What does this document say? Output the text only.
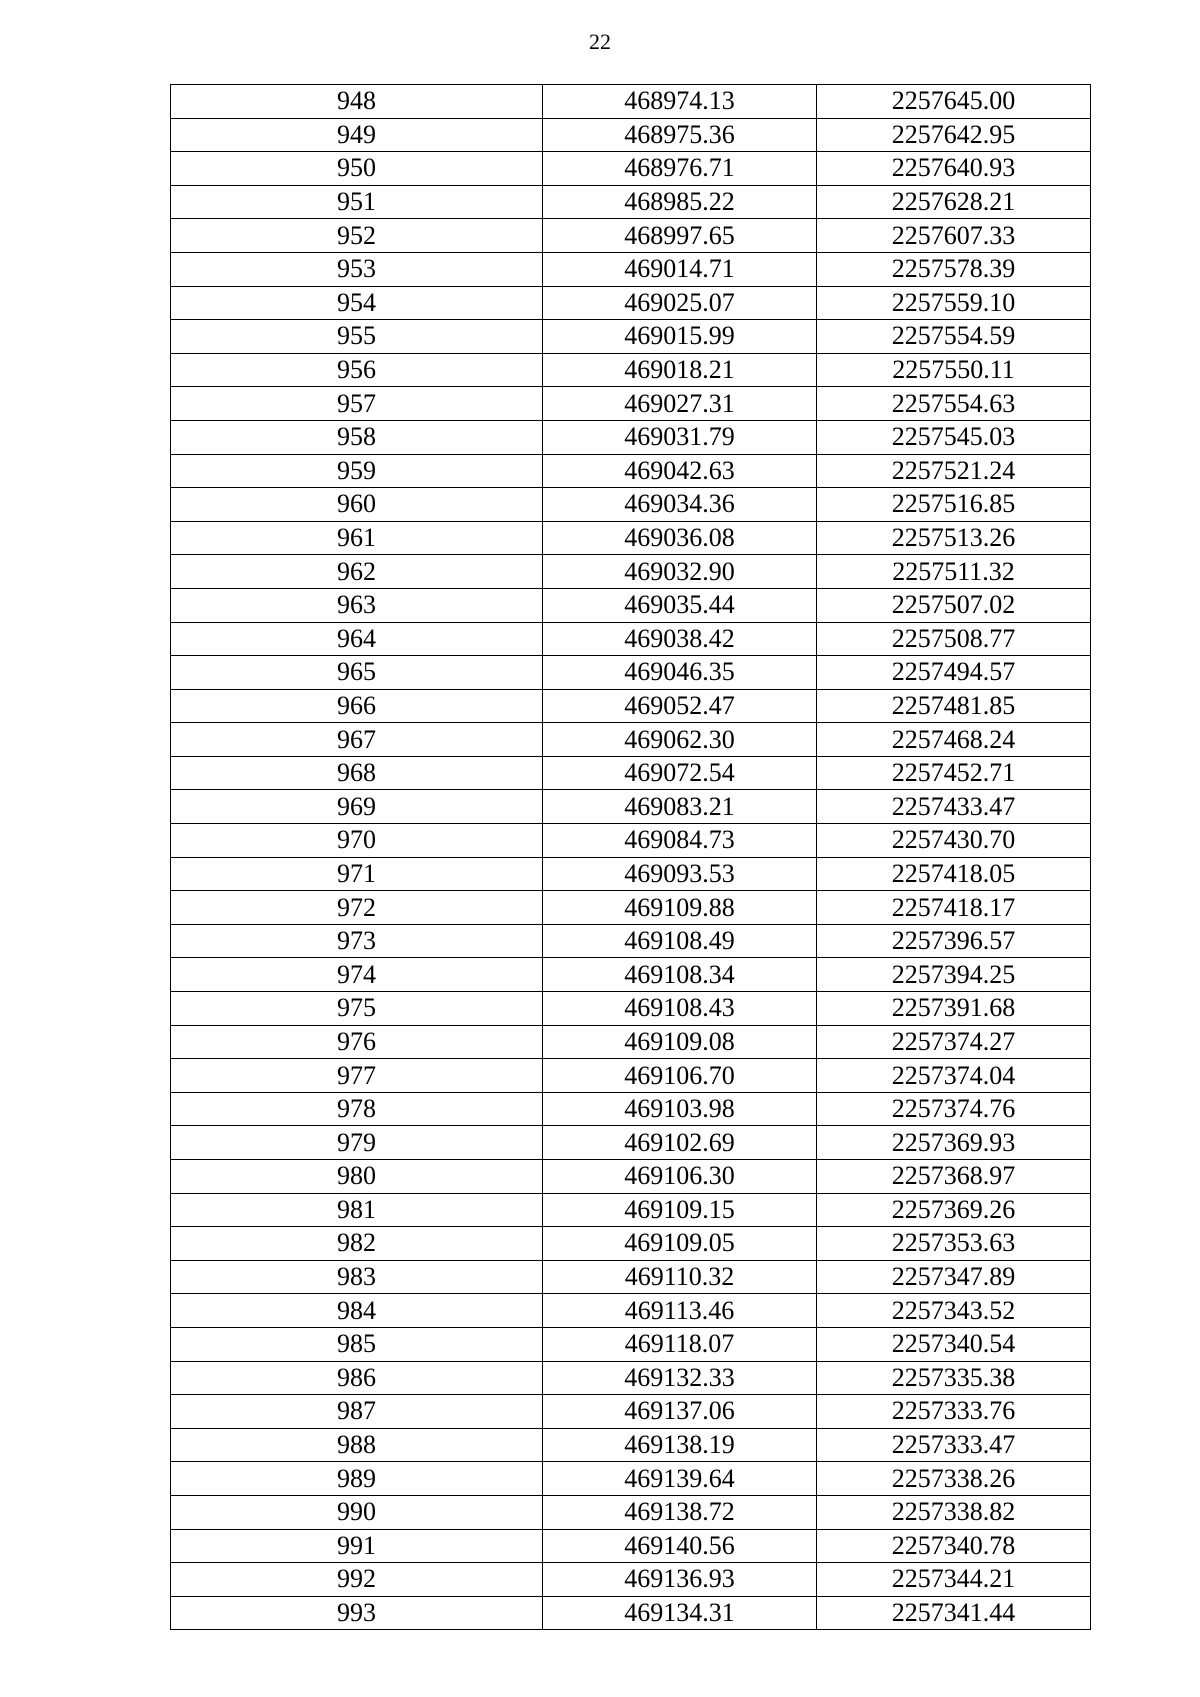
22
948	468974.13	2257645.00
949	468975.36	2257642.95
950	468976.71	2257640.93
951	468985.22	2257628.21
952	468997.65	2257607.33
953	469014.71	2257578.39
954	469025.07	2257559.10
955	469015.99	2257554.59
956	469018.21	2257550.11
957	469027.31	2257554.63
958	469031.79	2257545.03
959	469042.63	2257521.24
960	469034.36	2257516.85
961	469036.08	2257513.26
962	469032.90	2257511.32
963	469035.44	2257507.02
964	469038.42	2257508.77
965	469046.35	2257494.57
966	469052.47	2257481.85
967	469062.30	2257468.24
968	469072.54	2257452.71
969	469083.21	2257433.47
970	469084.73	2257430.70
971	469093.53	2257418.05
972	469109.88	2257418.17
973	469108.49	2257396.57
974	469108.34	2257394.25
975	469108.43	2257391.68
976	469109.08	2257374.27
977	469106.70	2257374.04
978	469103.98	2257374.76
979	469102.69	2257369.93
980	469106.30	2257368.97
981	469109.15	2257369.26
982	469109.05	2257353.63
983	469110.32	2257347.89
984	469113.46	2257343.52
985	469118.07	2257340.54
986	469132.33	2257335.38
987	469137.06	2257333.76
988	469138.19	2257333.47
989	469139.64	2257338.26
990	469138.72	2257338.82
991	469140.56	2257340.78
992	469136.93	2257344.21
993	469134.31	2257341.44
